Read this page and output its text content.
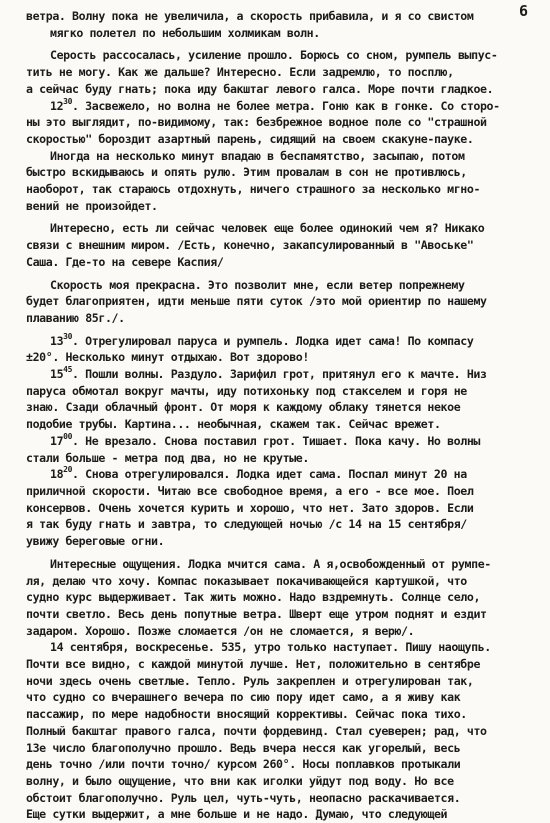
6
ветра. Волну пока не увеличила, а скорость прибавила, и я со свистом
мягко полетел по небольшим холмикам волн.
Серость рассосалась, усиление прошло. Борюсь со сном, румпель выпус-
тить не могу. Как же дальше? Интересно. Если задремлю, то посплю,
а сейчас буду гнать; пока иду бакштаг левого галса. Море почти гладкое.
$12^{30}$. Засвежело, но волна не более метра. Гоню как в гонке. Со сторо-
ны это выглядит, по-видимому, так: безбрежное водное поле со "страшной
скоростью" бороздит азартный парень, сидящий на своем скакуне-пауке.
Иногда на несколько минут впадаю в беспамятство, засыпаю, потом
быстро вскидываюсь и опять рулю. Этим провалам в сон не противлюсь,
наоборот, так стараюсь отдохнуть, ничего страшного за несколько мгно-
вений не произойдет.
Интересно, есть ли сейчас человек еще более одинокий чем я? Никако
связи с внешним миром. /Есть, конечно, закапсулированный в "Авоське"
Саша. Где-то на севере Каспия/
Скорость моя прекрасна. Это позволит мне, если ветер попрежнему
будет благоприятен, идти меньше пяти суток /это мой ориентир по нашему
плаванию 85г./.
$13^{30}$. Отрегулировал паруса и румпель. Лодка идет сама! По компасу
±20°. Несколько минут отдыхаю. Вот здорово!
$15^{45}$. Пошли волны. Раздуло. Зарифил грот, притянул его к мачте. Низ
паруса обмотал вокруг мачты, иду потихоньку под стакселем и горя не
знаю. Сзади облачный фронт. От моря к каждому облаку тянется некое
подобие трубы. Картина... необычная, скажем так. Сейчас врежет.
$17^{00}$. Не врезало. Снова поставил грот. Тишает. Пока качу. Но волны
стали больше - метра под два, но не крутые.
$18^{20}$. Снова отрегулировался. Лодка идет сама. Поспал минут 20 на
приличной скорости. Читаю все свободное время, а его - все мое. Поел
консервов. Очень хочется курить и хорошо, что нет. Зато здоров. Если
я так буду гнать и завтра, то следующей ночью /с 14 на 15 сентября/
увижу береговые огни.
Интересные ощущения. Лодка мчится сама. А я,освобожденный от румпе-
ля, делаю что хочу. Компас показывает покачивающейся картушкой, что
судно курс выдерживает. Так жить можно. Надо вздремнуть. Солнце село,
почти светло. Весь день попутные ветра. Шверт еще утром поднят и ездит
задаром. Хорошо. Позже сломается /он не сломается, я верю/.
14 сентября, воскресенье. 535, утро только наступает. Пишу наощупь.
Почти все видно, с каждой минутой лучше. Нет, положительно в сентябре
ночи здесь очень светлые. Тепло. Руль закреплен и отрегулирован так,
что судно со вчерашнего вечера по сию пору идет само, а я живу как
пассажир, по мере надобности вносящий коррективы. Сейчас пока тихо.
Полный бакштаг правого галса, почти фордевинд. Стал суеверен; рад, что
13е число благополучно прошло. Ведь вчера несся как угорелый, весь
день точно /или почти точно/ курсом 260°. Носы поплавков протыкали
волну, и было ощущение, что вни как иголки уйдут под воду. Но все
обстоит благополучно. Руль цел, чуть-чуть, неопасно раскачивается.
Еще сутки выдержит, а мне больше и не надо. Думаю, что следующей
